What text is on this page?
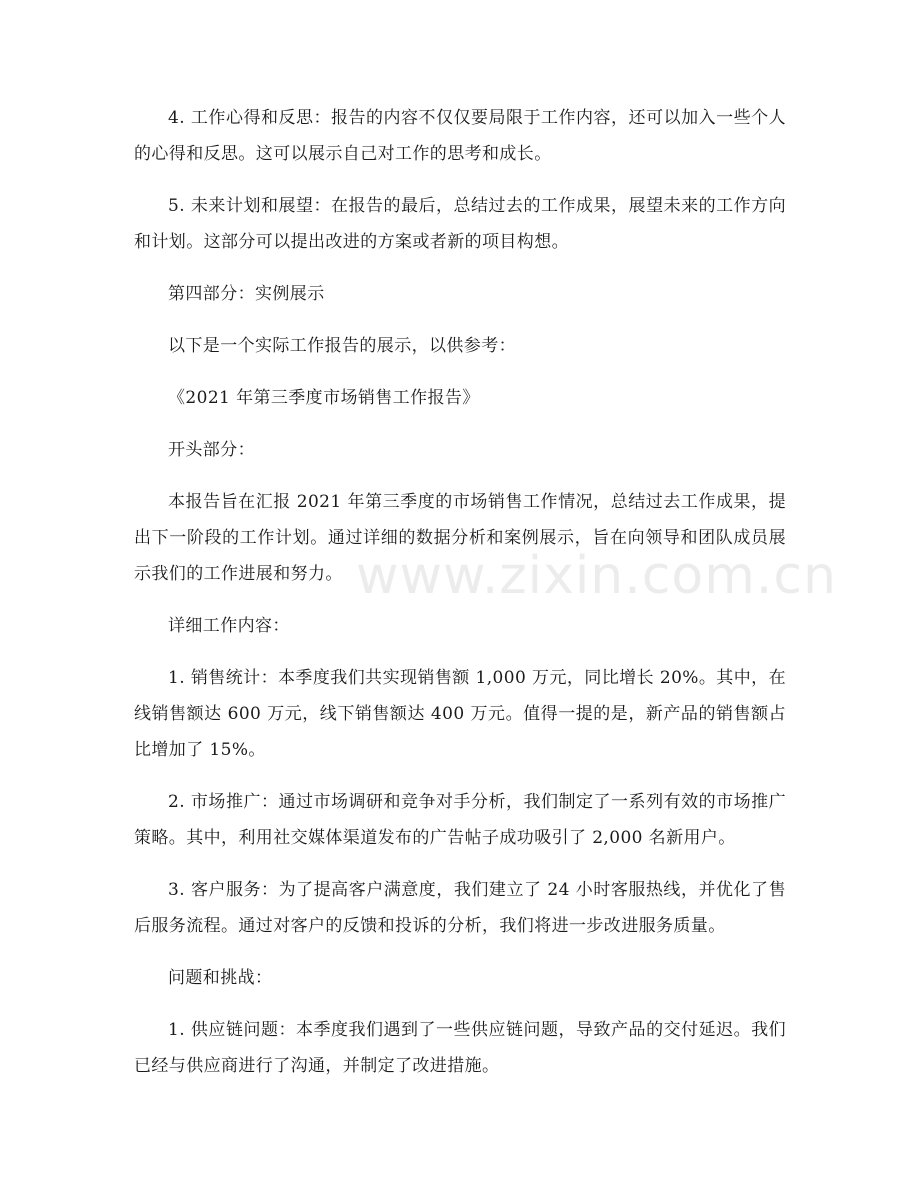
4. 工作心得和反思：报告的内容不仅仅要局限于工作内容，还可以加入一些个人的心得和反思。这可以展示自己对工作的思考和成长。

5. 未来计划和展望：在报告的最后，总结过去的工作成果，展望未来的工作方向和计划。这部分可以提出改进的方案或者新的项目构想。

第四部分：实例展示

以下是一个实际工作报告的展示，以供参考：

《2021 年第三季度市场销售工作报告》

开头部分：

本报告旨在汇报 2021 年第三季度的市场销售工作情况，总结过去工作成果，提出下一阶段的工作计划。通过详细的数据分析和案例展示，旨在向领导和团队成员展示我们的工作进展和努力。

详细工作内容：

1. 销售统计：本季度我们共实现销售额 1,000 万元，同比增长 20%。其中，在线销售额达 600 万元，线下销售额达 400 万元。值得一提的是，新产品的销售额占比增加了 15%。

2. 市场推广：通过市场调研和竞争对手分析，我们制定了一系列有效的市场推广策略。其中，利用社交媒体渠道发布的广告帖子成功吸引了 2,000 名新用户。

3. 客户服务：为了提高客户满意度，我们建立了 24 小时客服热线，并优化了售后服务流程。通过对客户的反馈和投诉的分析，我们将进一步改进服务质量。

问题和挑战：

1. 供应链问题：本季度我们遇到了一些供应链问题，导致产品的交付延迟。我们已经与供应商进行了沟通，并制定了改进措施。

www.zixin.com.cn
